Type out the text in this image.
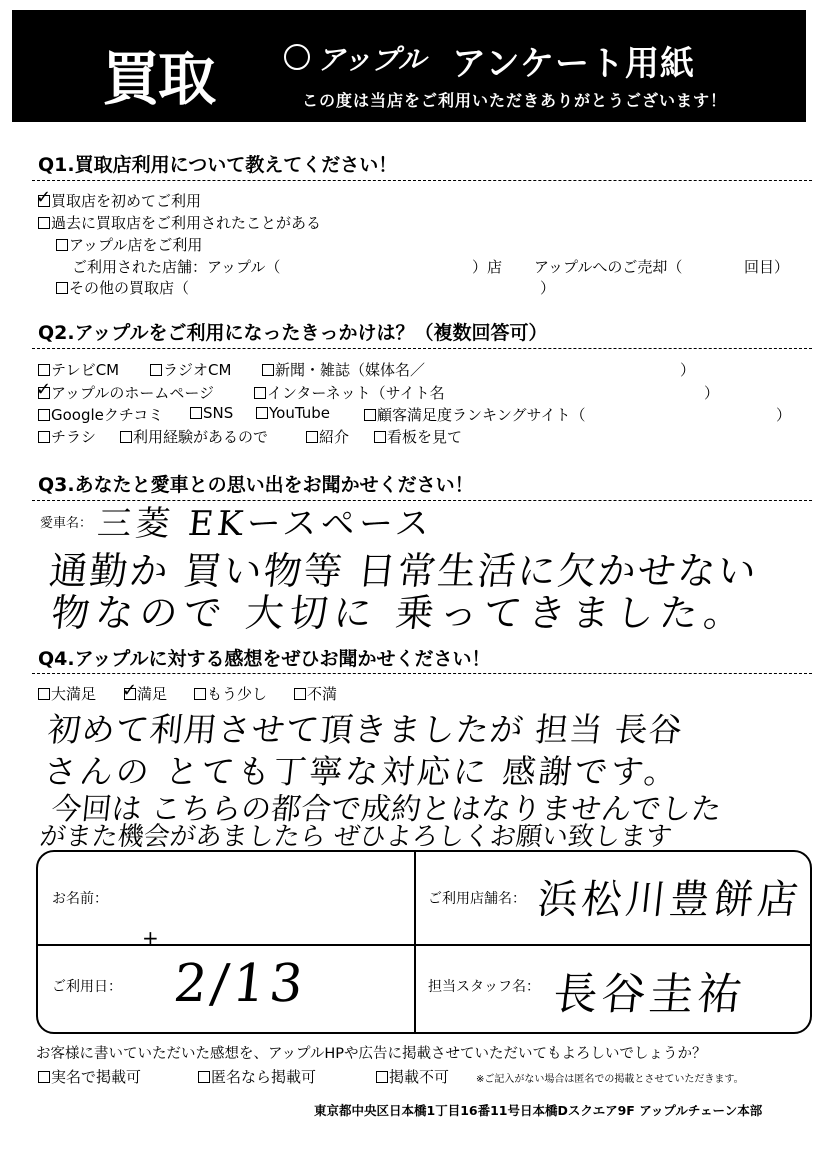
買取	アップル アンケート用紙
この度は当店をご利用いただきありがとうございます！
Q1.買取店利用について教えてください！
✓買取店を初めてご利用
過去に買取店をご利用されたことがある
アップル店をご利用
ご利用された店舗：アップル（	）店 アップルへのご売却（	回目）
その他の買取店（	）
Q2.アップルをご利用になったきっかけは？（複数回答可）
テレビCM	ラジオCM	新聞・雑誌（媒体名／	）
✓アップルのホームページ	インターネット（サイト名	）
Googleクチコミ	SNS	YouTube	顧客満足度ランキングサイト（	）
チラシ	利用経験があるので	紹介	看板を見て
Q3.あなたと愛車との思い出をお聞かせください！
愛車名： 三菱 EKースペース
通勤か 買い物等 日常生活に欠かせない
物なので 大切に 乗ってきました。
Q4.アップルに対する感想をぜひお聞かせください！
大満足
✓	満足	もう少し	不満
初めて利用させて頂きましたが 担当 長谷
さんの とても丁寧な対応に 感謝です。
今回は こちらの都合で成約とはなりませんでした
がまた機会があましたら ぜひよろしくお願い致します
お名前：	ご利用店舗名： 浜松川豊餅店
+
ご利用日： 2/13	担当スタッフ名： 長谷圭祐
お客様に書いていただいた感想を、アップルHPや広告に掲載させていただいてもよろしいでしょうか？
実名で掲載可	匿名なら掲載可	掲載不可	※ご記入がない場合は匿名での掲載とさせていただきます。
東京都中央区日本橋1丁目16番11号日本橋Dスクエア9F アップルチェーン本部
